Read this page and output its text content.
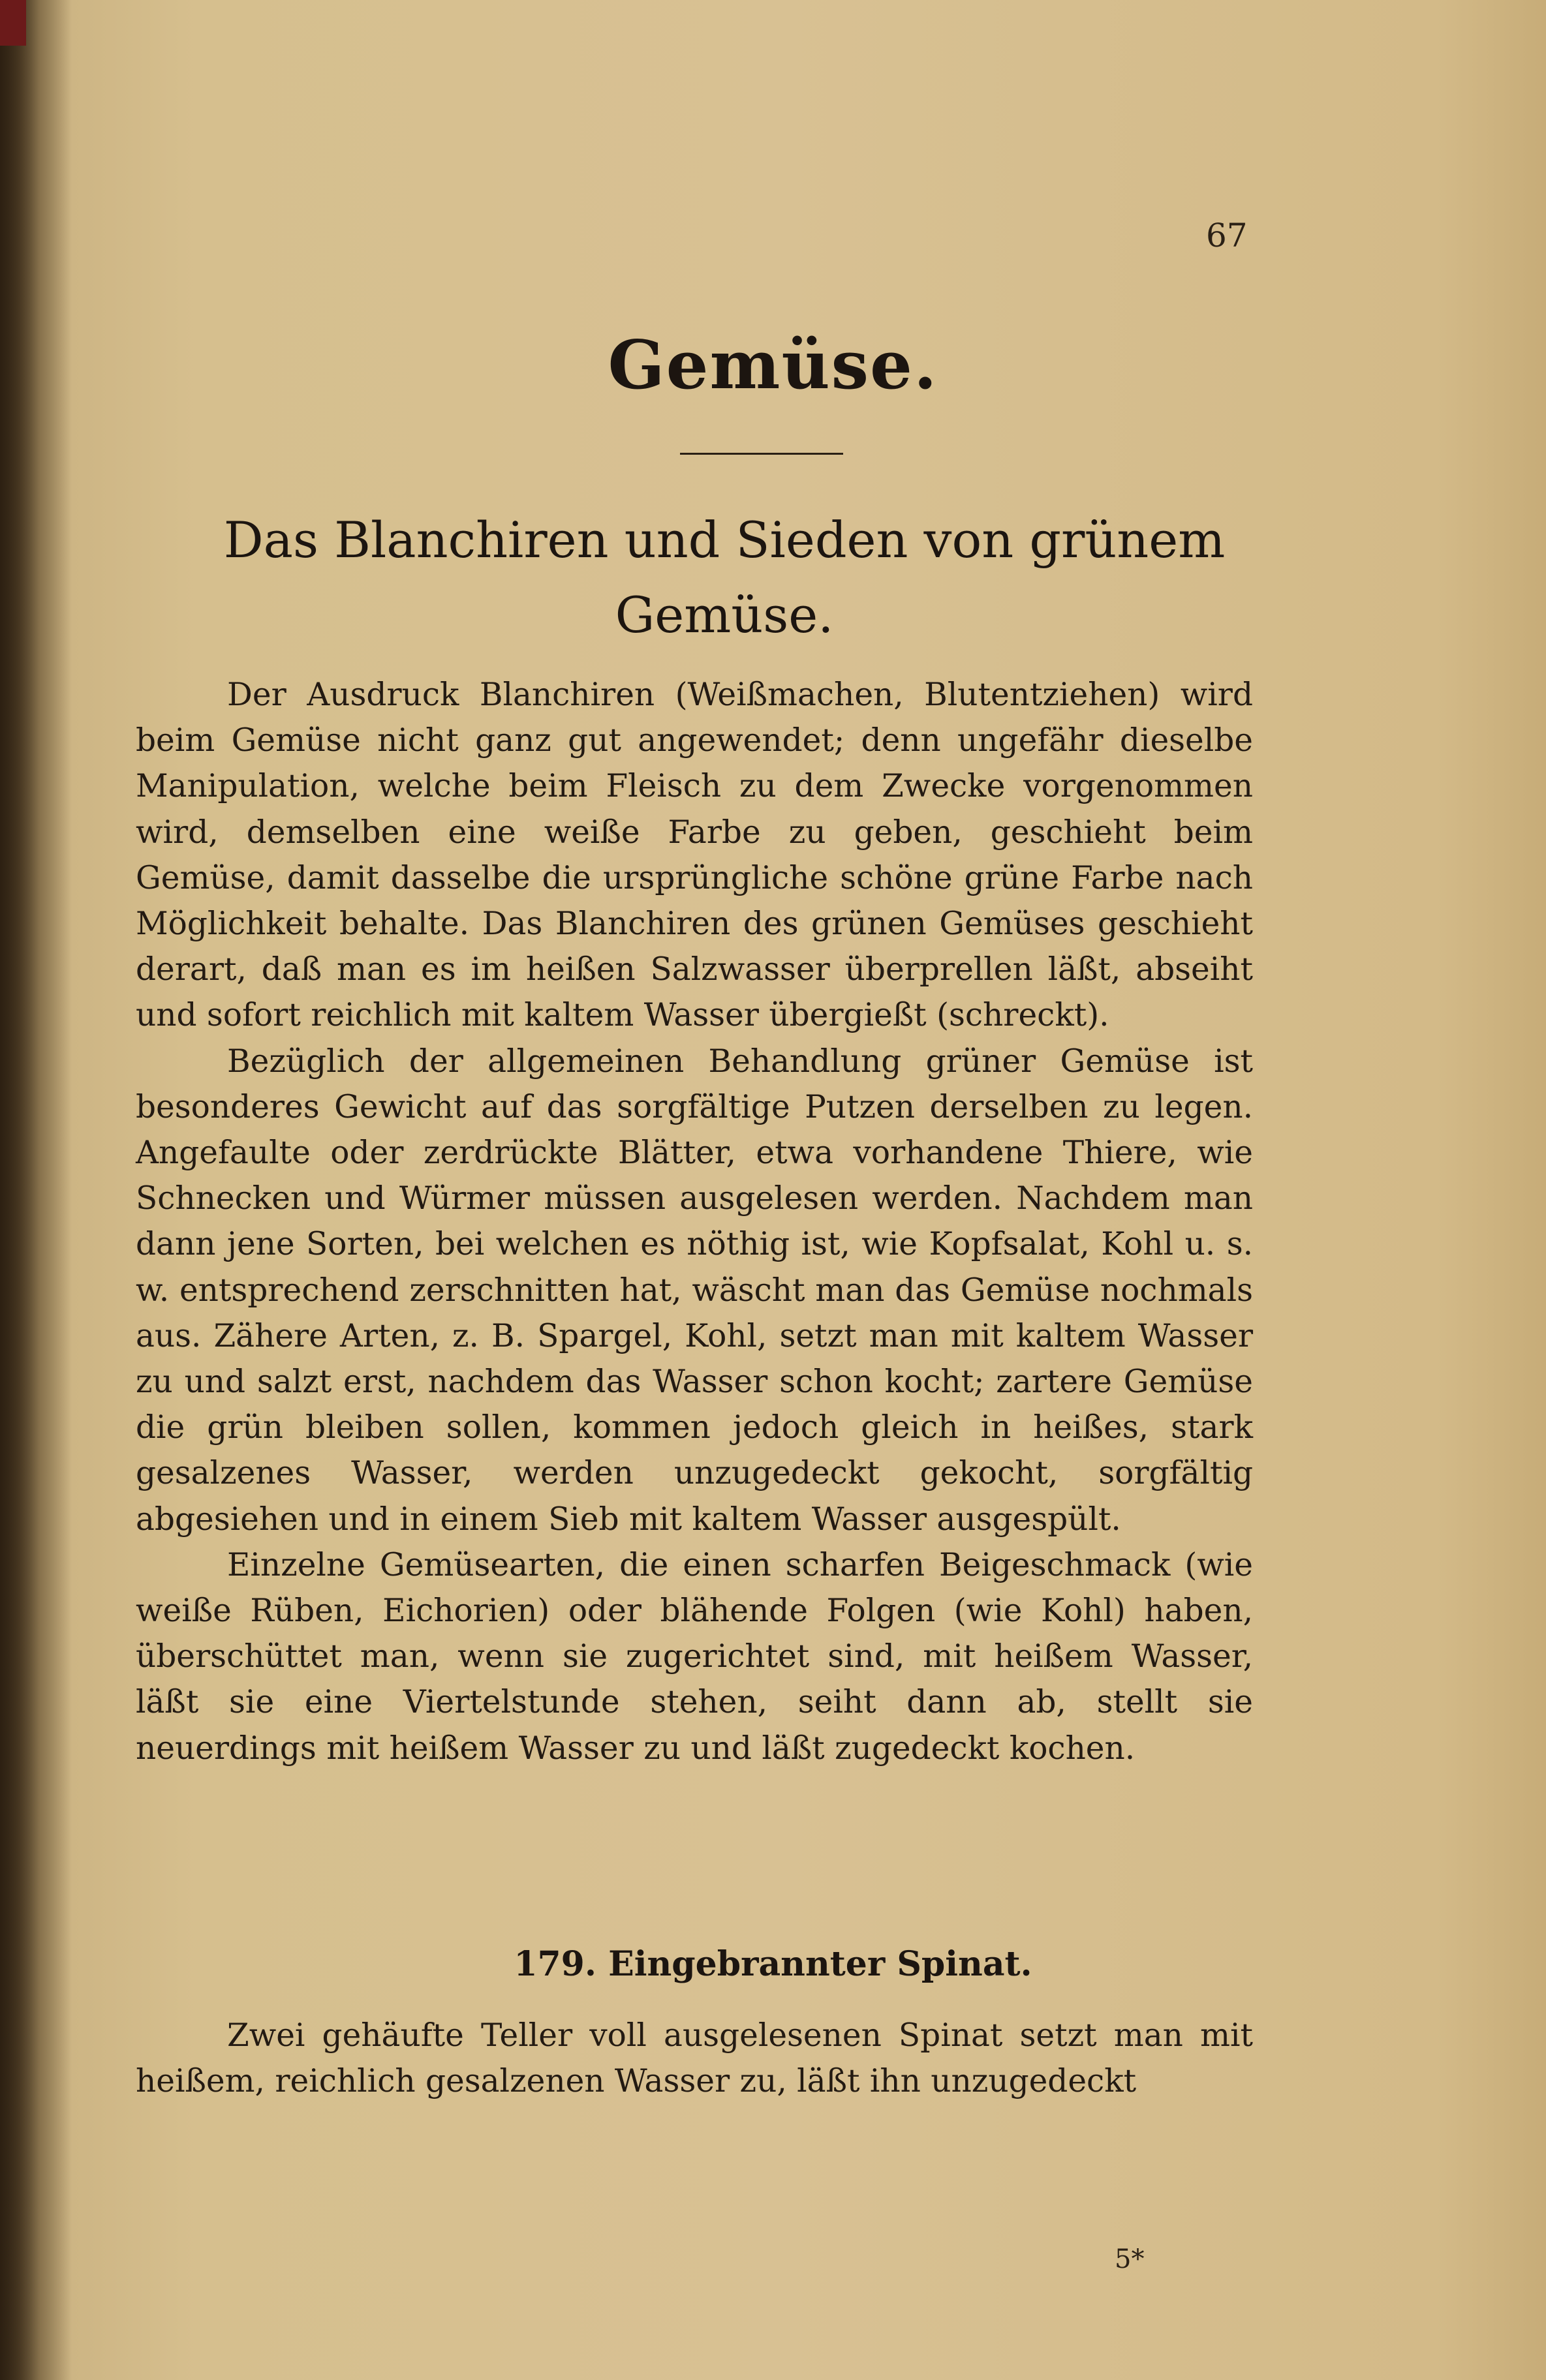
67
Gemüse.
Das Blanchiren und Sieden von grünem Gemüse.

Der Ausdruck Blanchiren (Weißmachen, Blutentziehen) wird beim Gemüse nicht ganz gut angewendet; denn ungefähr dieselbe Manipulation, welche beim Fleisch zu dem Zwecke vorgenommen wird, demselben eine weiße Farbe zu geben, geschieht beim Gemüse, damit dasselbe die ursprüngliche schöne grüne Farbe nach Möglichkeit behalte. Das Blanchiren des grünen Gemüses geschieht derart, daß man es im heißen Salzwasser überprellen läßt, abseiht und sofort reichlich mit kaltem Wasser übergießt (schreckt).

Bezüglich der allgemeinen Behandlung grüner Gemüse ist besonderes Gewicht auf das sorgfältige Putzen derselben zu legen. Angefaulte oder zerdrückte Blätter, etwa vorhandene Thiere, wie Schnecken und Würmer müssen ausgelesen werden. Nachdem man dann jene Sorten, bei welchen es nöthig ist, wie Kopfsalat, Kohl u. s. w. entsprechend zerschnitten hat, wäscht man das Gemüse nochmals aus. Zähere Arten, z. B. Spargel, Kohl, setzt man mit kaltem Wasser zu und salzt erst, nachdem das Wasser schon kocht; zartere Gemüse die grün bleiben sollen, kommen jedoch gleich in heißes, stark gesalzenes Wasser, werden unzugedeckt gekocht, sorgfältig abgesiehen und in einem Sieb mit kaltem Wasser ausgespült.

Einzelne Gemüsearten, die einen scharfen Beigeschmack (wie weiße Rüben, Eichorien) oder blähende Folgen (wie Kohl) haben, überschüttet man, wenn sie zugerichtet sind, mit heißem Wasser, läßt sie eine Viertelstunde stehen, seiht dann ab, stellt sie neuerdings mit heißem Wasser zu und läßt zugedeckt kochen.

179. Eingebrannter Spinat.

Zwei gehäufte Teller voll ausgelesenen Spinat setzt man mit heißem, reichlich gesalzenen Wasser zu, läßt ihn unzugedeckt

5*
